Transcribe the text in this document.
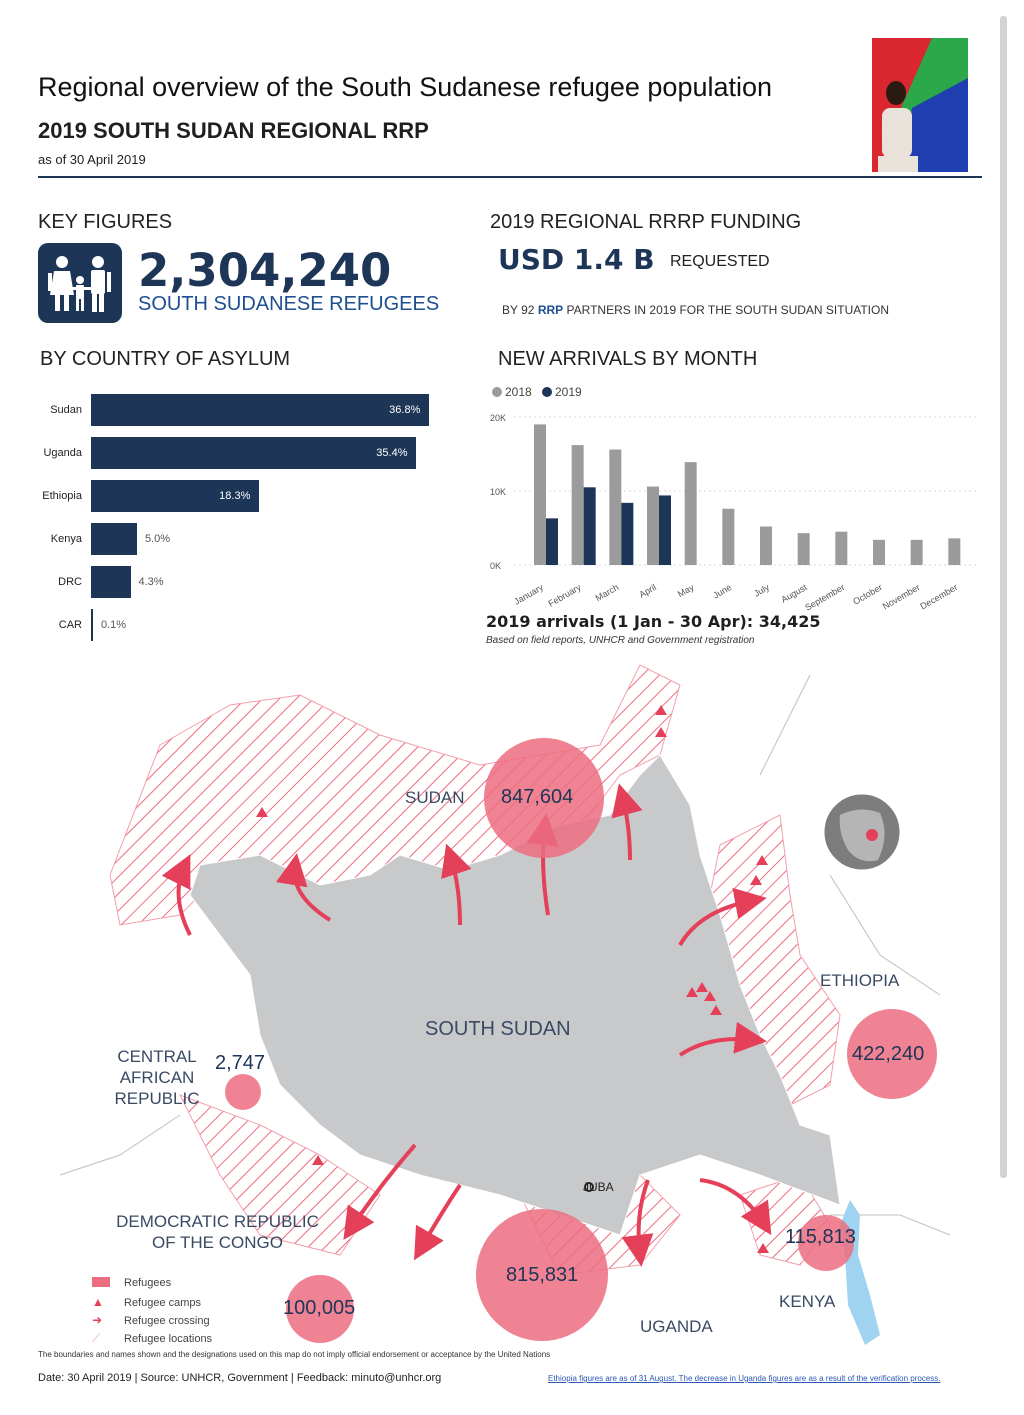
Regional overview of the South Sudanese refugee population
2019 SOUTH SUDAN REGIONAL RRP
as of 30 April 2019
KEY FIGURES
2,304,240
SOUTH SUDANESE REFUGEES
2019 REGIONAL RRRP FUNDING
USD 1.4 B REQUESTED
BY 92 RRP PARTNERS IN 2019 FOR THE SOUTH SUDAN SITUATION
BY COUNTRY OF ASYLUM
Sudan	36.8%
Uganda	35.4%
Ethiopia	18.3%
Kenya	5.0%
DRC	4.3%
CAR 0.1%
NEW ARRIVALS BY MONTH
2018	2019
0K
10K
20K
January February March April May June July August
September October
November
December
2019 arrivals (1 Jan - 30 Apr): 34,425
Based on field reports, UNHCR and Government registration
SUDAN
SOUTH SUDAN
ETHIOPIA
CENTRAL
AFRICAN
REPUBLIC
DEMOCRATIC REPUBLIC
OF THE CONGO
UGANDA
KENYA
JUBA
847,604
422,240
2,747
815,831
100,005
115,813
Refugees
▲ Refugee camps
➜ Refugee crossing
⟋ Refugee locations
The boundaries and names shown and the designations used on this map do not imply official endorsement or acceptance by the United Nations
Date: 30 April 2019 | Source: UNHCR, Government | Feedback: minuto@unhcr.org	Ethiopia figures are as of 31 August. The decrease in Uganda figures are as a result of the verification process.
